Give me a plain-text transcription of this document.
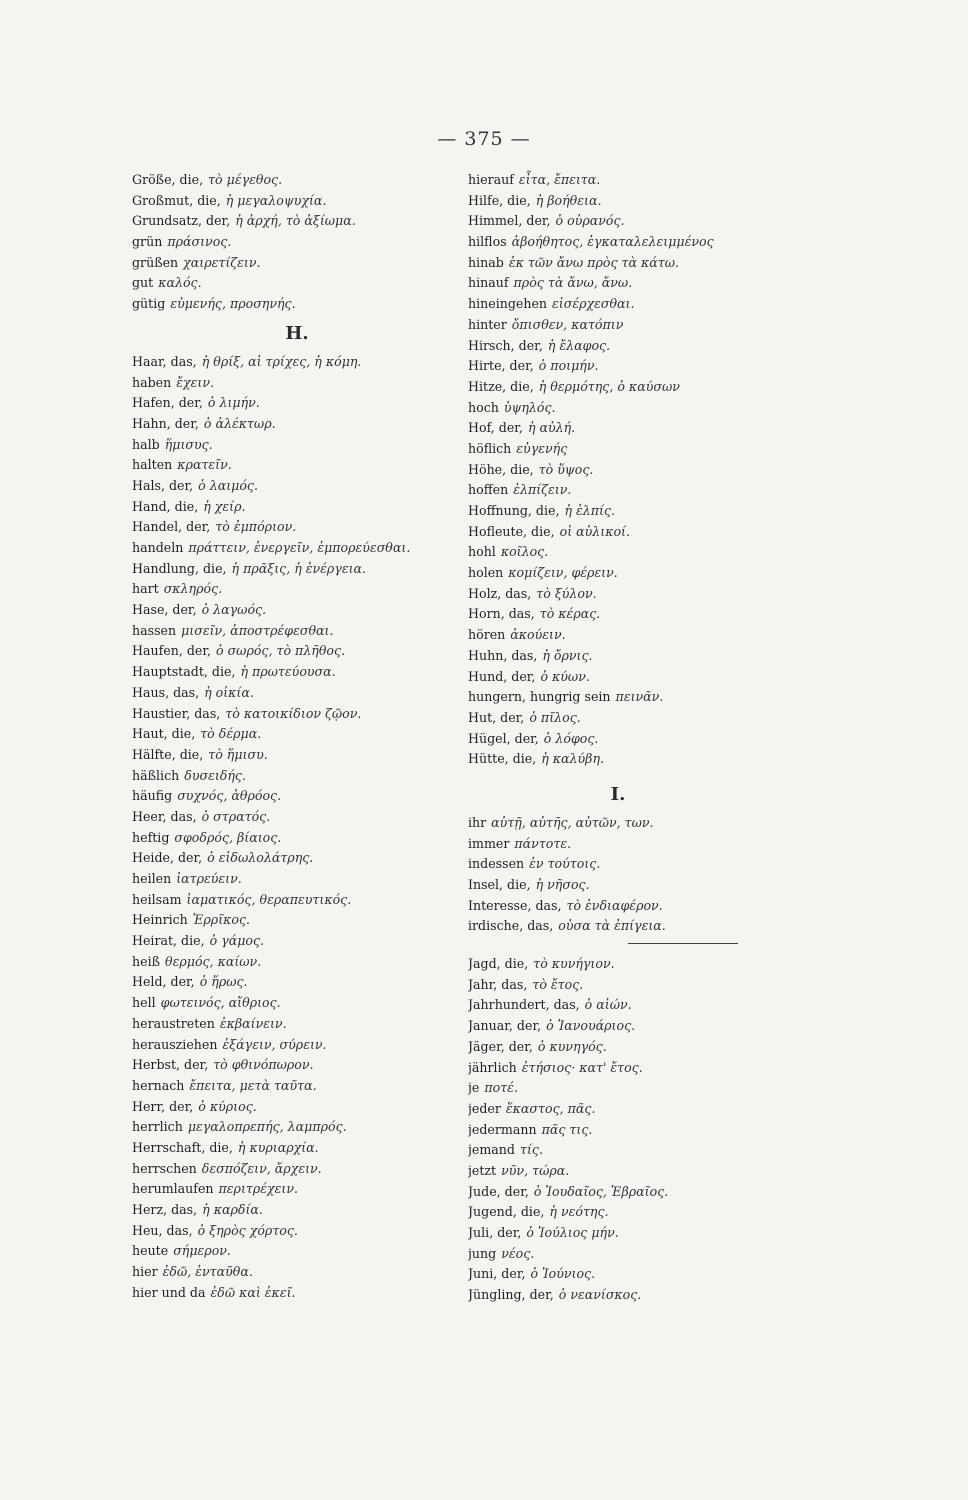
— 375 —
Größe, die, τὸ μέγεθος.
Großmut, die, ἡ μεγαλοψυχία.
Grundsatz, der, ἡ ἀρχή, τὸ ἀξίωμα.
grün πράσινος.
grüßen χαιρετίζειν.
gut καλός.
gütig εὐμενής, προσηνής.
H.
Haar, das, ἡ θρίξ, αἱ τρίχες, ἡ κόμη.
haben ἔχειν.
Hafen, der, ὁ λιμήν.
Hahn, der, ὁ ἀλέκτωρ.
halb ἥμισυς.
halten κρατεῖν.
Hals, der, ὁ λαιμός.
Hand, die, ἡ χείρ.
Handel, der, τὸ ἐμπόριον.
handeln πράττειν, ἐνεργεῖν, ἐμπορεύεσθαι.
Handlung, die, ἡ πρᾶξις, ἡ ἐνέργεια.
hart σκληρός.
Hase, der, ὁ λαγωός.
hassen μισεῖν, ἀποστρέφεσθαι.
Haufen, der, ὁ σωρός, τὸ πλῆθος.
Hauptstadt, die, ἡ πρωτεύουσα.
Haus, das, ἡ οἰκία.
Haustier, das, τὸ κατοικίδιον ζῷον.
Haut, die, τὸ δέρμα.
Hälfte, die, τὸ ἥμισυ.
häßlich δυσειδής.
häufig συχνός, ἀθρόος.
Heer, das, ὁ στρατός.
heftig σφοδρός, βίαιος.
Heide, der, ὁ εἰδωλολάτρης.
heilen ἰατρεύειν.
heilsam ἰαματικός, θεραπευτικός.
Heinrich Ἑρρῖκος.
Heirat, die, ὁ γάμος.
heiß θερμός, καίων.
Held, der, ὁ ἥρως.
hell φωτεινός, αἴθριος.
heraustreten ἐκβαίνειν.
herausziehen ἐξάγειν, σύρειν.
Herbst, der, τὸ φθινόπωρον.
hernach ἔπειτα, μετὰ ταῦτα.
Herr, der, ὁ κύριος.
herrlich μεγαλοπρεπής, λαμπρός.
Herrschaft, die, ἡ κυριαρχία.
herrschen δεσπόζειν, ἄρχειν.
herumlaufen περιτρέχειν.
Herz, das, ἡ καρδία.
Heu, das, ὁ ξηρὸς χόρτος.
heute σήμερον.
hier ἐδῶ, ἐνταῦθα.
hier und da ἐδῶ καὶ ἐκεῖ.
hierauf εἶτα, ἔπειτα.
Hilfe, die, ἡ βοήθεια.
Himmel, der, ὁ οὐρανός.
hilflos ἀβοήθητος, ἐγκαταλελειμμένος
hinab ἐκ τῶν ἄνω πρὸς τὰ κάτω.
hinauf πρὸς τὰ ἄνω, ἄνω.
hineingehen εἰσέρχεσθαι.
hinter ὄπισθεν, κατόπιν
Hirsch, der, ἡ ἔλαφος.
Hirte, der, ὁ ποιμήν.
Hitze, die, ἡ θερμότης, ὁ καύσων
hoch ὑψηλός.
Hof, der, ἡ αὐλή.
höflich εὐγενής
Höhe, die, τὸ ὕψος.
hoffen ἐλπίζειν.
Hoffnung, die, ἡ ἐλπίς.
Hofleute, die, οἱ αὐλικοί.
hohl κοῖλος.
holen κομίζειν, φέρειν.
Holz, das, τὸ ξύλον.
Horn, das, τὸ κέρας.
hören ἀκούειν.
Huhn, das, ἡ ὄρνις.
Hund, der, ὁ κύων.
hungern, hungrig sein πεινᾶν.
Hut, der, ὁ πῖλος.
Hügel, der, ὁ λόφος.
Hütte, die, ἡ καλύβη.
I.
ihr αὐτῇ, αὐτῆς, αὐτῶν, των.
immer πάντοτε.
indessen ἐν τούτοις.
Insel, die, ἡ νῆσος.
Interesse, das, τὸ ἐνδιαφέρον.
irdische, das, οὐσα τὰ ἐπίγεια.
Jagd, die, τὸ κυνήγιον.
Jahr, das, τὸ ἔτος.
Jahrhundert, das, ὁ αἰών.
Januar, der, ὁ Ἰανουάριος.
Jäger, der, ὁ κυνηγός.
jährlich ἐτήσιος· κατ' ἔτος.
je ποτέ.
jeder ἕκαστος, πᾶς.
jedermann πᾶς τις.
jemand τίς.
jetzt νῦν, τώρα.
Jude, der, ὁ Ἰουδαῖος, Ἑβραῖος.
Jugend, die, ἡ νεότης.
Juli, der, ὁ Ἰούλιος μήν.
jung νέος.
Juni, der, ὁ Ἰούνιος.
Jüngling, der, ὁ νεανίσκος.
